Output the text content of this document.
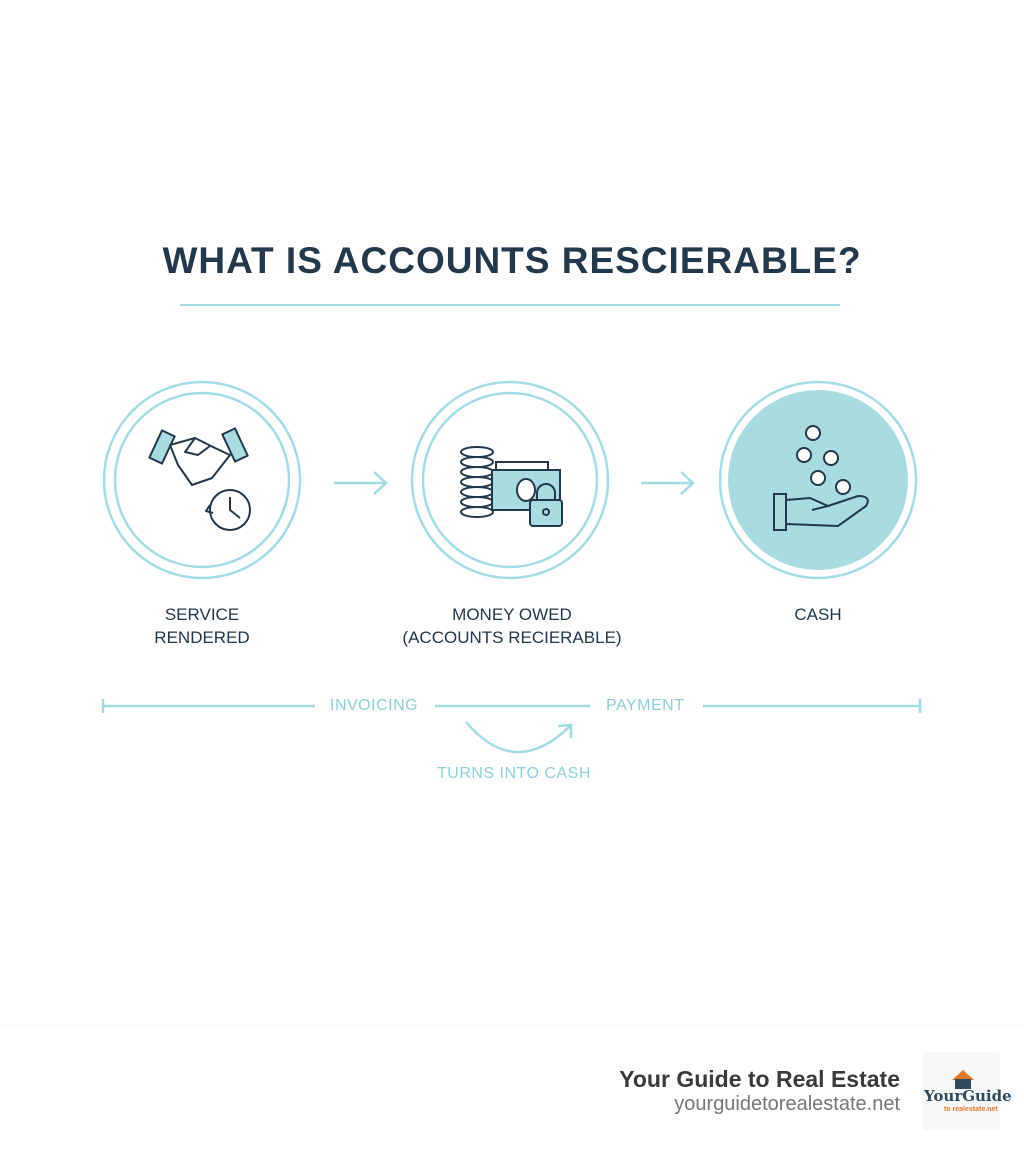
WHAT IS ACCOUNTS RESCIERABLE?
SERVICE
RENDERED
MONEY OWED
(ACCOUNTS RECIERABLE)
CASH
INVOICING	PAYMENT
TURNS INTO CASH
Your Guide to Real Estate
yourguidetorealestate.net YourGuide
to realestate.net
